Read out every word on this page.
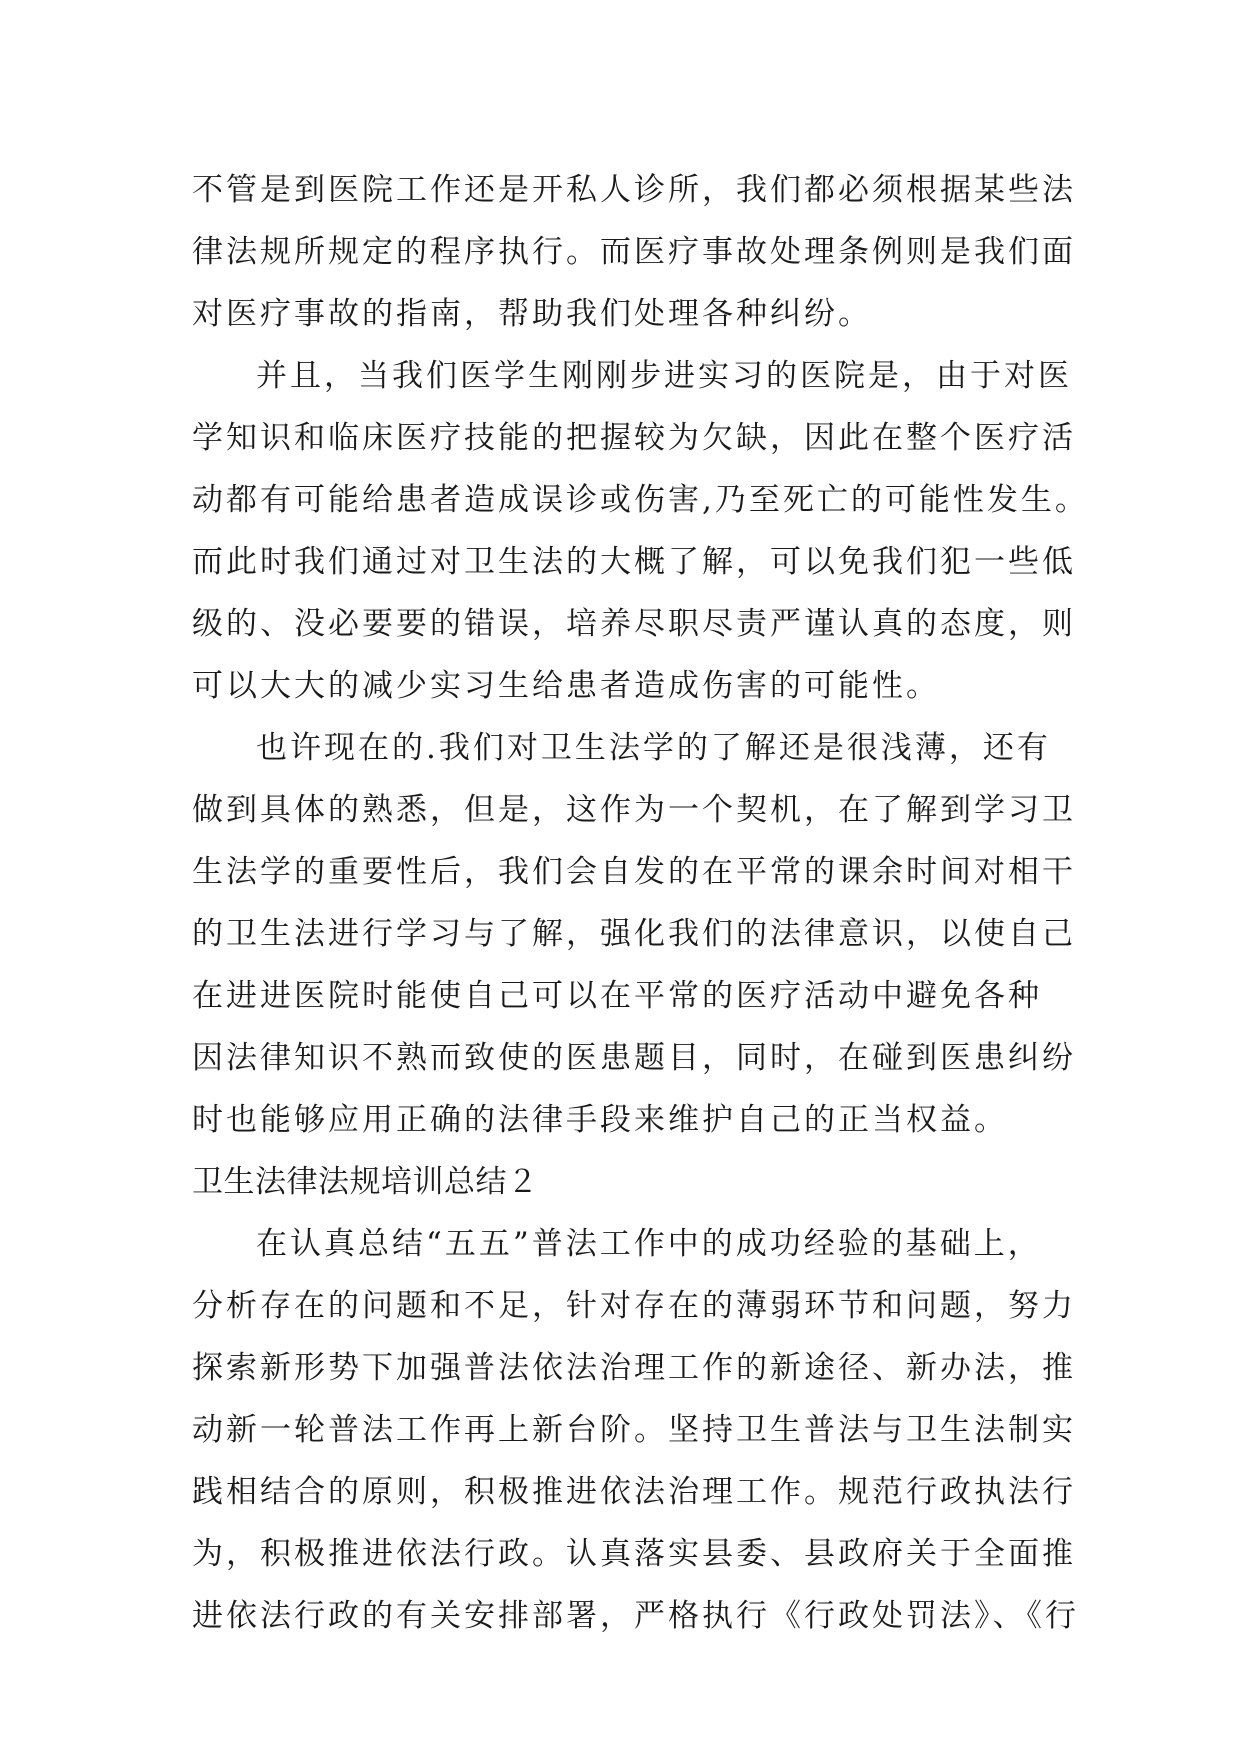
不管是到医院工作还是开私人诊所，我们都必须根据某些法
律法规所规定的程序执行。而医疗事故处理条例则是我们面
对医疗事故的指南，帮助我们处理各种纠纷。
并且，当我们医学生刚刚步进实习的医院是，由于对医
学知识和临床医疗技能的把握较为欠缺，因此在整个医疗活
动都有可能给患者造成误诊或伤害,乃至死亡的可能性发生。
而此时我们通过对卫生法的大概了解，可以免我们犯一些低
级的、没必要要的错误，培养尽职尽责严谨认真的态度，则
可以大大的减少实习生给患者造成伤害的可能性。
也许现在的.我们对卫生法学的了解还是很浅薄，还有
做到具体的熟悉，但是，这作为一个契机，在了解到学习卫
生法学的重要性后，我们会自发的在平常的课余时间对相干
的卫生法进行学习与了解，强化我们的法律意识，以使自己
在进进医院时能使自己可以在平常的医疗活动中避免各种
因法律知识不熟而致使的医患题目，同时，在碰到医患纠纷
时也能够应用正确的法律手段来维护自己的正当权益。
卫生法律法规培训总结２
在认真总结“五五”普法工作中的成功经验的基础上，
分析存在的问题和不足，针对存在的薄弱环节和问题，努力
探索新形势下加强普法依法治理工作的新途径、新办法，推
动新一轮普法工作再上新台阶。坚持卫生普法与卫生法制实
践相结合的原则，积极推进依法治理工作。规范行政执法行
为，积极推进依法行政。认真落实县委、县政府关于全面推
进依法行政的有关安排部署，严格执行《行政处罚法》、《行
